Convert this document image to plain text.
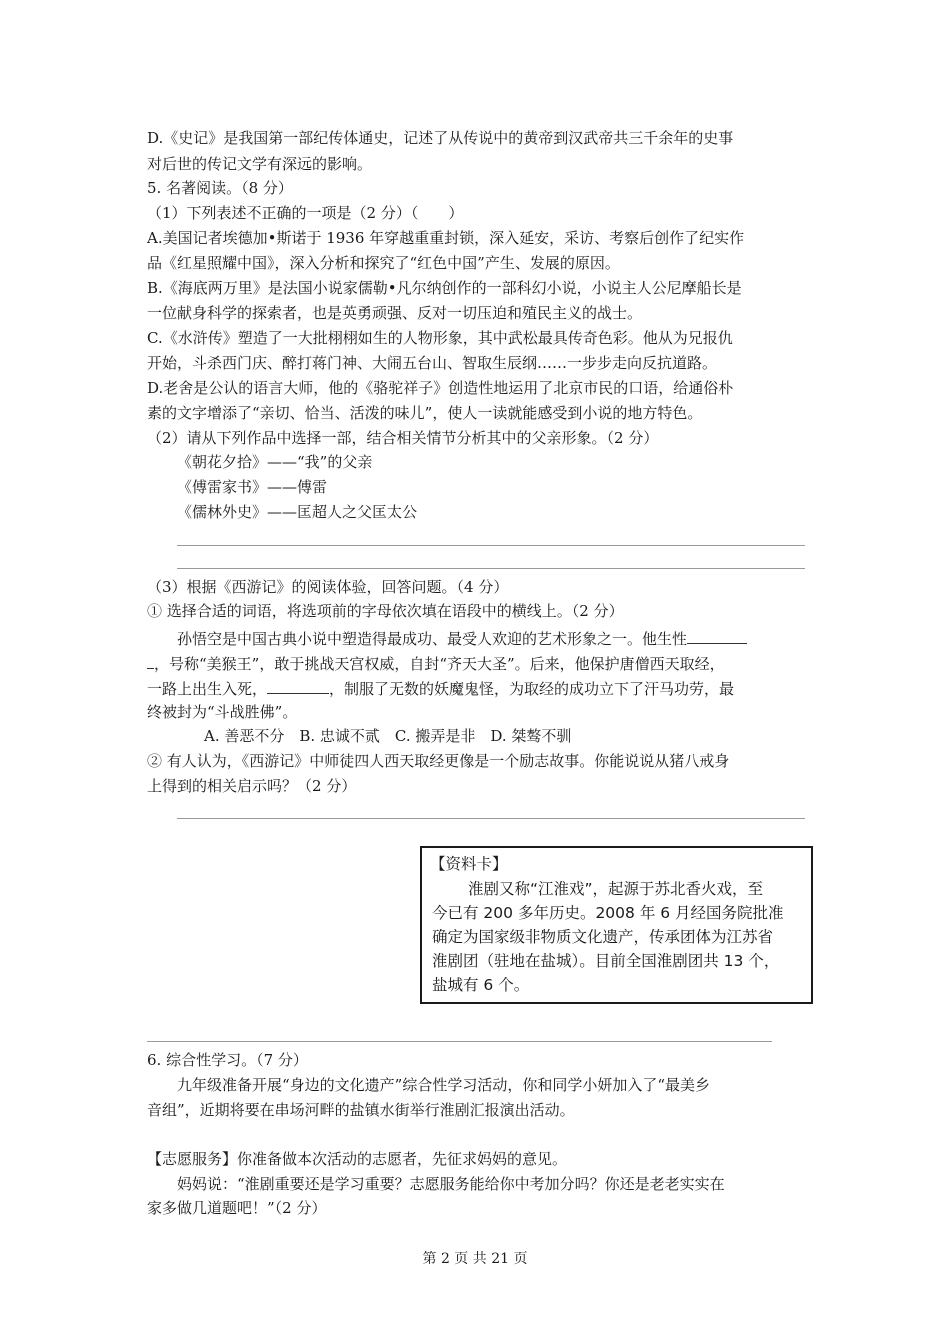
D.《史记》是我国第一部纪传体通史，记述了从传说中的黄帝到汉武帝共三千余年的史事
对后世的传记文学有深远的影响。
5. 名著阅读。（8 分）
（1）下列表述不正确的一项是（2 分）（　　）
A.美国记者埃德加•斯诺于 1936 年穿越重重封锁，深入延安，采访、考察后创作了纪实作
品《红星照耀中国》，深入分析和探究了“红色中国”产生、发展的原因。
B.《海底两万里》是法国小说家儒勒•凡尔纳创作的一部科幻小说，小说主人公尼摩船长是
一位献身科学的探索者，也是英勇顽强、反对一切压迫和殖民主义的战士。
C.《水浒传》塑造了一大批栩栩如生的人物形象，其中武松最具传奇色彩。他从为兄报仇
开始，斗杀西门庆、醉打蒋门神、大闹五台山、智取生辰纲……一步步走向反抗道路。
D.老舍是公认的语言大师，他的《骆驼祥子》创造性地运用了北京市民的口语，给通俗朴
素的文字增添了“亲切、恰当、活泼的味儿”，使人一读就能感受到小说的地方特色。
（2）请从下列作品中选择一部，结合相关情节分析其中的父亲形象。（2 分）
《朝花夕拾》——“我”的父亲
《傅雷家书》——傅雷
《儒林外史》——匡超人之父匡太公
（3）根据《西游记》的阅读体验，回答问题。（4 分）
① 选择合适的词语，将选项前的字母依次填在语段中的横线上。（2 分）
孙悟空是中国古典小说中塑造得最成功、最受人欢迎的艺术形象之一。他生性
，号称“美猴王”，敢于挑战天宫权威，自封“齐天大圣”。后来，他保护唐僧西天取经，
一路上出生入死，	，制服了无数的妖魔鬼怪，为取经的成功立下了汗马功劳，最
终被封为“斗战胜佛”。
A. 善恶不分　B. 忠诚不贰　C. 搬弄是非　D. 桀骜不驯
② 有人认为，《西游记》中师徒四人西天取经更像是一个励志故事。你能说说从猪八戒身
上得到的相关启示吗？（2 分）
【资料卡】
淮剧又称“江淮戏”，起源于苏北香火戏，至
今已有 200 多年历史。2008 年 6 月经国务院批准
确定为国家级非物质文化遗产，传承团体为江苏省
淮剧团（驻地在盐城）。目前全国淮剧团共 13 个，
盐城有 6 个。
6. 综合性学习。（7 分）
九年级准备开展“身边的文化遗产”综合性学习活动，你和同学小妍加入了“最美乡
音组”，近期将要在串场河畔的盐镇水街举行淮剧汇报演出活动。
【志愿服务】你准备做本次活动的志愿者，先征求妈妈的意见。
妈妈说：“淮剧重要还是学习重要？志愿服务能给你中考加分吗？你还是老老实实在
家多做几道题吧！”（2 分）
第 2 页 共 21 页
